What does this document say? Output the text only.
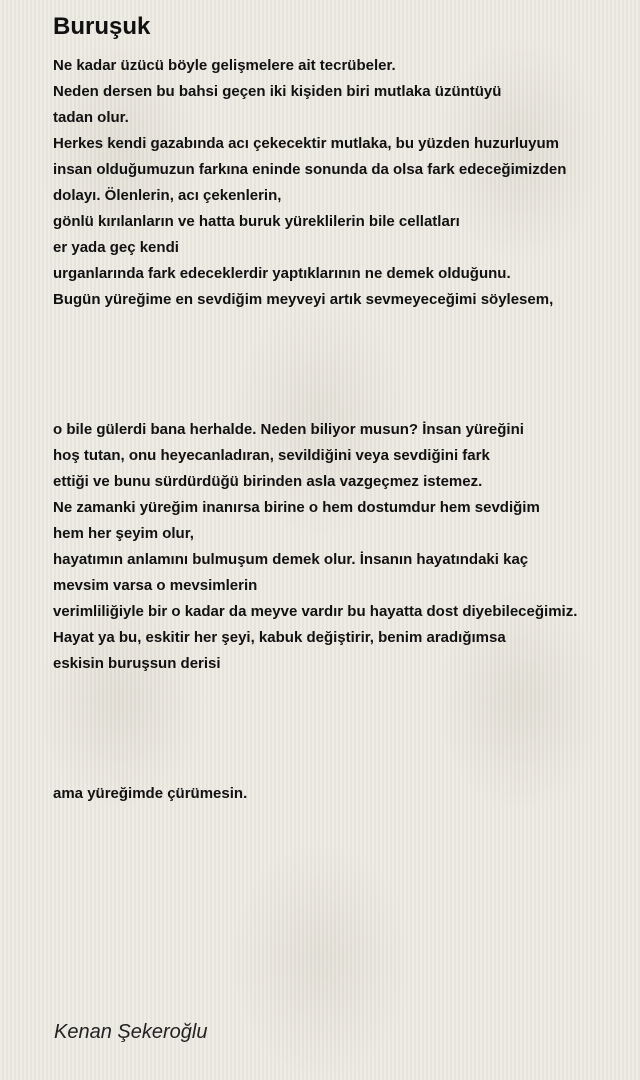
Buruşuk
Ne kadar üzücü böyle gelişmelere ait tecrübeler.
Neden dersen bu bahsi geçen iki kişiden biri mutlaka üzüntüyü
tadan olur.
Herkes kendi gazabında acı çekecektir mutlaka, bu yüzden huzurluyum
insan olduğumuzun farkına eninde sonunda da olsa fark edeceğimizden
dolayı. Ölenlerin, acı çekenlerin,
gönlü kırılanların ve hatta buruk yüreklilerin bile cellatları
er yada geç kendi
urganlarında fark edeceklerdir yaptıklarının ne demek olduğunu.
Bugün yüreğime en sevdiğim meyveyi artık sevmeyeceğimi söylesem,
o bile gülerdi bana herhalde. Neden biliyor musun? İnsan yüreğini
hoş tutan, onu heyecanladıran, sevildiğini veya sevdiğini fark
ettiği ve bunu sürdürdüğü birinden asla vazgeçmez istemez.
Ne zamanki yüreğim inanırsa birine o hem dostumdur hem sevdiğim
hem her şeyim olur,
hayatımın anlamını bulmuşum demek olur. İnsanın hayatındaki kaç
mevsim varsa o mevsimlerin
verimliliğiyle bir o kadar da meyve vardır bu hayatta dost diyebileceğimiz.
Hayat ya bu, eskitir her şeyi, kabuk değiştirir, benim aradığımsa
eskisin buruşsun derisi
ama yüreğimde çürümesin.
Kenan Şekeroğlu
